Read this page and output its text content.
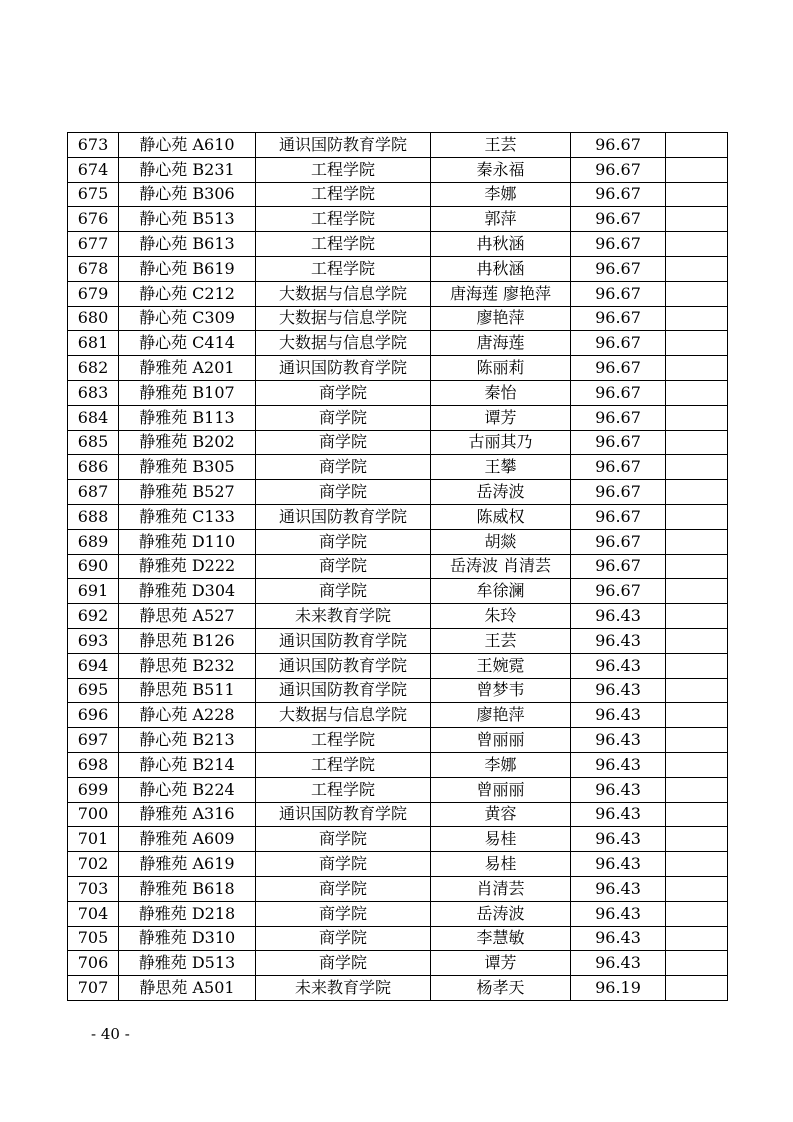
673	静心苑 A610	通识国防教育学院	王芸	96.67	
674	静心苑 B231	工程学院	秦永福	96.67	
675	静心苑 B306	工程学院	李娜	96.67	
676	静心苑 B513	工程学院	郭萍	96.67	
677	静心苑 B613	工程学院	冉秋涵	96.67	
678	静心苑 B619	工程学院	冉秋涵	96.67	
679	静心苑 C212	大数据与信息学院	唐海莲 廖艳萍	96.67	
680	静心苑 C309	大数据与信息学院	廖艳萍	96.67	
681	静心苑 C414	大数据与信息学院	唐海莲	96.67	
682	静雅苑 A201	通识国防教育学院	陈丽莉	96.67	
683	静雅苑 B107	商学院	秦怡	96.67	
684	静雅苑 B113	商学院	谭芳	96.67	
685	静雅苑 B202	商学院	古丽其乃	96.67	
686	静雅苑 B305	商学院	王攀	96.67	
687	静雅苑 B527	商学院	岳涛波	96.67	
688	静雅苑 C133	通识国防教育学院	陈威权	96.67	
689	静雅苑 D110	商学院	胡燚	96.67	
690	静雅苑 D222	商学院	岳涛波 肖清芸	96.67	
691	静雅苑 D304	商学院	牟徐澜	96.67	
692	静思苑 A527	未来教育学院	朱玲	96.43	
693	静思苑 B126	通识国防教育学院	王芸	96.43	
694	静思苑 B232	通识国防教育学院	王婉霓	96.43	
695	静思苑 B511	通识国防教育学院	曾梦韦	96.43	
696	静心苑 A228	大数据与信息学院	廖艳萍	96.43	
697	静心苑 B213	工程学院	曾丽丽	96.43	
698	静心苑 B214	工程学院	李娜	96.43	
699	静心苑 B224	工程学院	曾丽丽	96.43	
700	静雅苑 A316	通识国防教育学院	黄容	96.43	
701	静雅苑 A609	商学院	易桂	96.43	
702	静雅苑 A619	商学院	易桂	96.43	
703	静雅苑 B618	商学院	肖清芸	96.43	
704	静雅苑 D218	商学院	岳涛波	96.43	
705	静雅苑 D310	商学院	李慧敏	96.43	
706	静雅苑 D513	商学院	谭芳	96.43	
707	静思苑 A501	未来教育学院	杨孝天	96.19	
- 40 -
